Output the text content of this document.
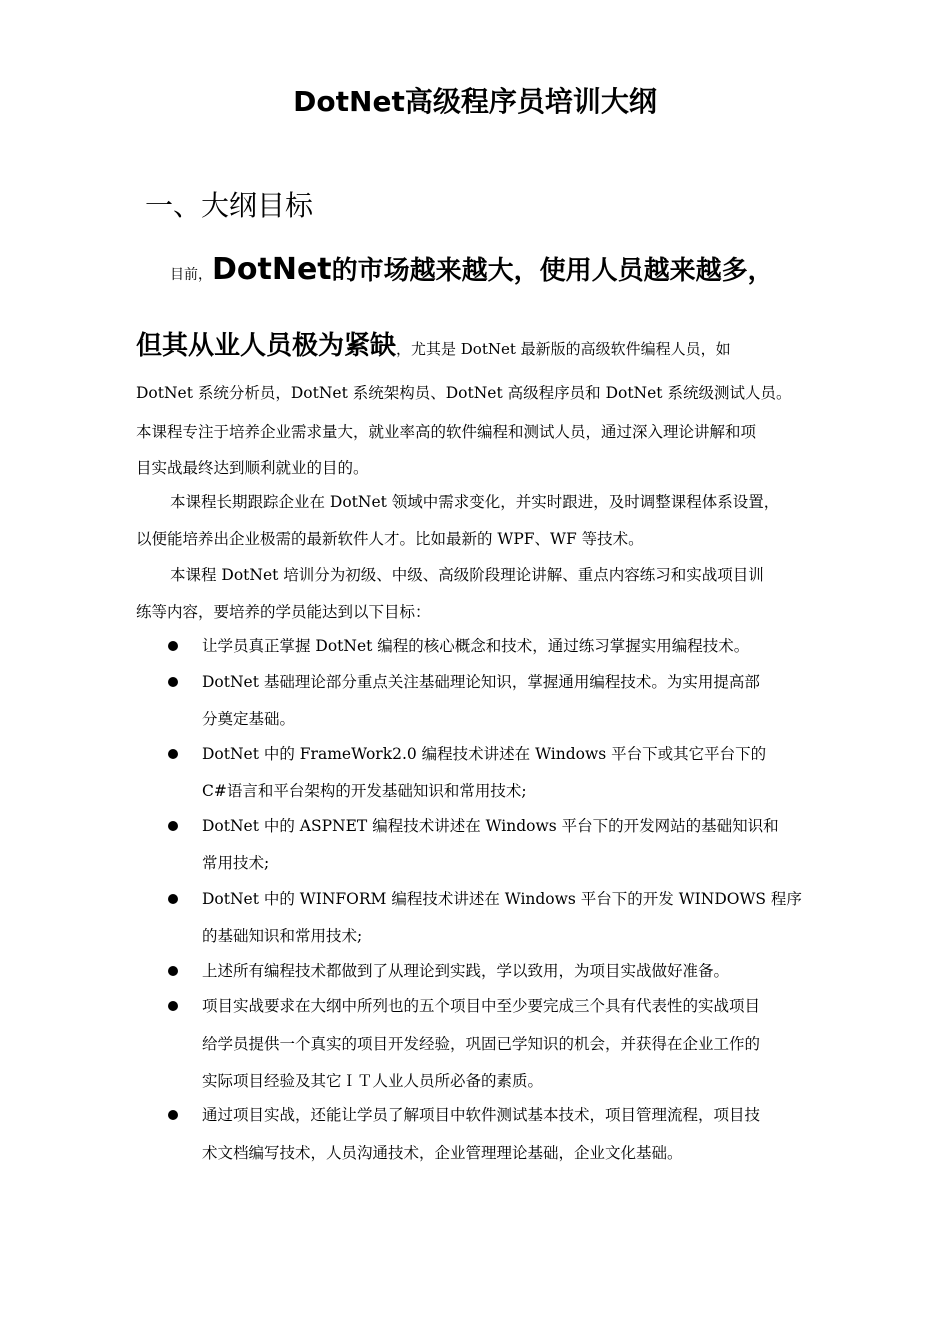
DotNet高级程序员培训大纲
一、大纲目标
目前，DotNet的市场越来越大，使用人员越来越多，
但其从业人员极为紧缺，尤其是 DotNet 最新版的高级软件编程人员，如
DotNet 系统分析员，DotNet 系统架构员、DotNet 高级程序员和 DotNet 系统级测试人员。
本课程专注于培养企业需求量大，就业率高的软件编程和测试人员，通过深入理论讲解和项
目实战最终达到顺利就业的目的。
本课程长期跟踪企业在 DotNet 领域中需求变化，并实时跟进，及时调整课程体系设置，
以便能培养出企业极需的最新软件人才。比如最新的 WPF、WF 等技术。
本课程 DotNet 培训分为初级、中级、高级阶段理论讲解、重点内容练习和实战项目训
练等内容，要培养的学员能达到以下目标：
让学员真正掌握 DotNet 编程的核心概念和技术，通过练习掌握实用编程技术。
DotNet 基础理论部分重点关注基础理论知识，掌握通用编程技术。为实用提高部
分奠定基础。
DotNet 中的 FrameWork2.0 编程技术讲述在 Windows 平台下或其它平台下的
C#语言和平台架构的开发基础知识和常用技术;
DotNet 中的 ASPNET 编程技术讲述在 Windows 平台下的开发网站的基础知识和
常用技术;
DotNet 中的 WINFORM 编程技术讲述在 Windows 平台下的开发 WINDOWS 程序
的基础知识和常用技术;
上述所有编程技术都做到了从理论到实践，学以致用，为项目实战做好准备。
项目实战要求在大纲中所列也的五个项目中至少要完成三个具有代表性的实战项目
给学员提供一个真实的项目开发经验，巩固已学知识的机会，并获得在企业工作的
实际项目经验及其它ＩＴ人业人员所必备的素质。
通过项目实战，还能让学员了解项目中软件测试基本技术，项目管理流程，项目技
术文档编写技术，人员沟通技术，企业管理理论基础，企业文化基础。
